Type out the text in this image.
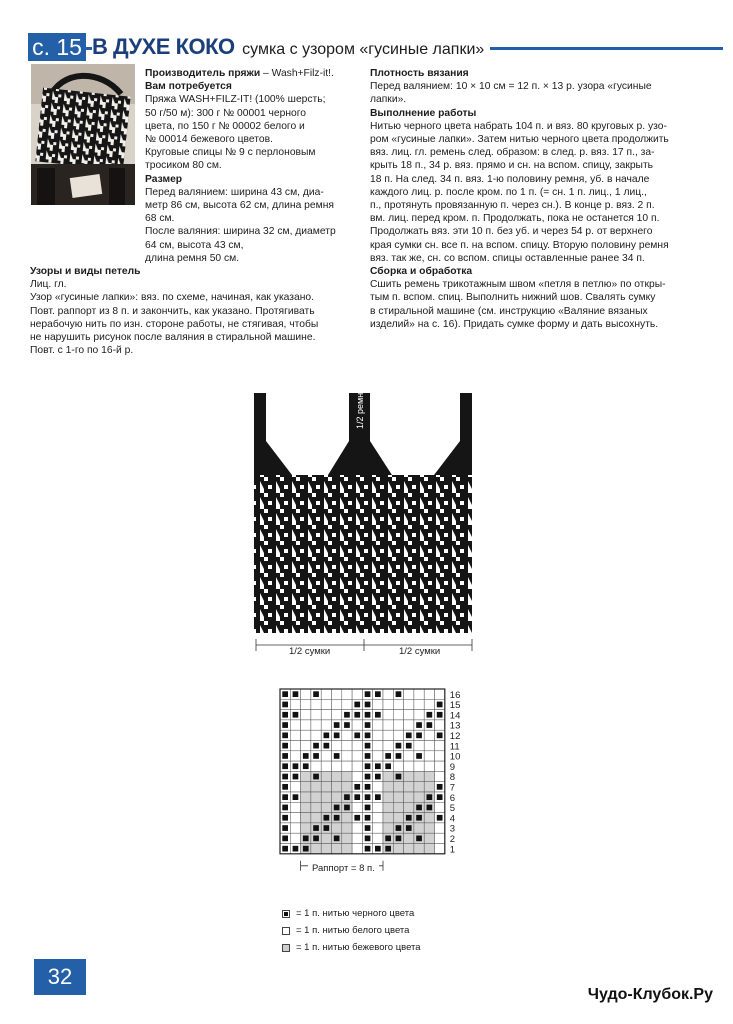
с. 15 В ДУХЕ КОКО сумка с узором «гусиные лапки»

Производитель пряжи – Wash+Filz-it!.

Вам потребуется

Пряжа WASH+FILZ-IT! (100% шерсть;

50 г/50 м): 300 г № 00001 черного

цвета, по 150 г № 00002 белого и

№ 00014 бежевого цветов.

Круговые спицы № 9 с перлоновым

тросиком 80 см.

Размер

Перед валянием: ширина 43 см, диа-

метр 86 см, высота 62 см, длина ремня 68 см.

После валяния: ширина 32 см, диаметр 64 см, высота 43 см,

длина ремня 50 см.

Узоры и виды петель

Лиц. гл.

Узор «гусиные лапки»: вяз. по схеме, начиная, как указано.

Повт. раппорт из 8 п. и закончить, как указано. Протягивать

нерабочую нить по изн. стороне работы, не стягивая, чтобы

не нарушить рисунок после валяния в стиральной машине.

Повт. с 1-го по 16-й р.

Плотность вязания

Перед валянием: 10 × 10 см = 12 п. × 13 р. узора «гусиные

лапки».

Выполнение работы

Нитью черного цвета набрать 104 п. и вяз. 80 круговых р. узо-

ром «гусиные лапки». Затем нитью черного цвета продолжить

вяз. лиц. гл. ремень след. образом: в след. р. вяз. 17 п., за-

крыть 18 п., 34 р. вяз. прямо и сн. на вспом. спицу, закрыть

18 п. На след. 34 п. вяз. 1-ю половину ремня, уб. в начале

каждого лиц. р. после кром. по 1 п. (= сн. 1 п. лиц., 1 лиц.,

п., протянуть провязанную п. через сн.). В конце р. вяз. 2 п.

вм. лиц. перед кром. п. Продолжать, пока не останется 10 п.

Продолжать вяз. эти 10 п. без уб. и через 54 р. от верхнего

края сумки сн. все п. на вспом. спицу. Вторую половину ремня

вяз. так же, сн. со вспом. спицы оставленные ранее 34 п.

Сборка и обработка

Сшить ремень трикотажным швом «петля в петлю» по откры-

тым п. вспом. спиц. Выполнить нижний шов. Свалять сумку

в стиральной машине (см. инструкцию «Валяние вязаных

изделий» на с. 16). Придать сумке форму и дать высохнуть.

1/2 ремня
1/2 сумки	1/2 сумки
16
15
14
13
12
11
10
9
8
7
6
5
4
3
2
1
Раппорт = 8 п.
= 1 п. нитью черного цвета
= 1 п. нитью белого цвета
= 1 п. нитью бежевого цвета
32
Чудо-Клубок.Ру
